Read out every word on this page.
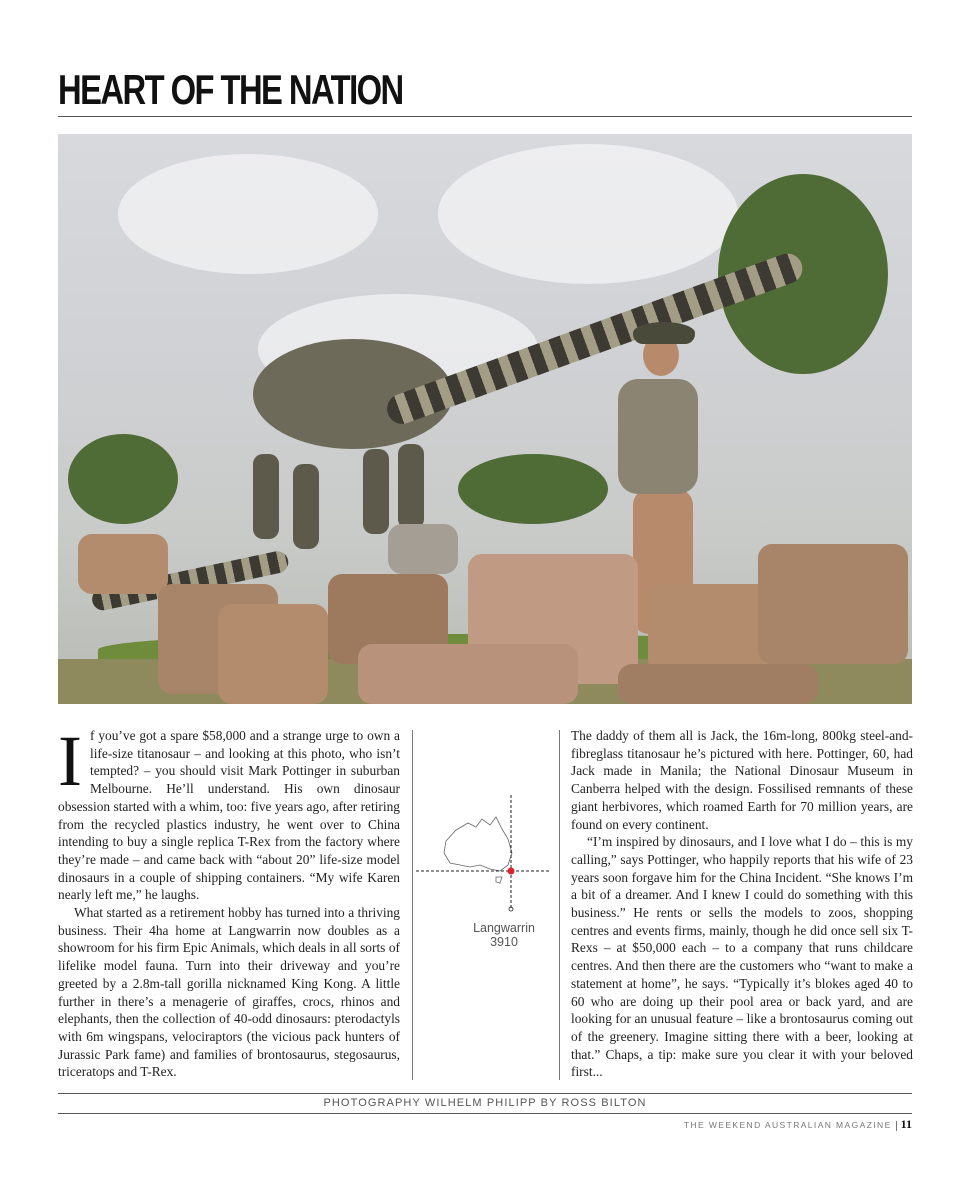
HEART OF THE NATION
I f you’ve got a spare $58,000 and a strange urge to own a life-size titanosaur – and looking at this photo, who isn’t tempted? – you should visit Mark Pottinger in suburban Melbourne. He’ll understand. His own dinosaur obsession started with a whim, too: five years ago, after retiring from the recycled plastics industry, he went over to China intending to buy a single replica T-Rex from the factory where they’re made – and came back with “about 20” life-size model dinosaurs in a couple of shipping containers. “My wife Karen nearly left me,” he laughs.

What started as a retirement hobby has turned into a thriving business. Their 4ha home at Langwarrin now doubles as a showroom for his firm Epic Animals, which deals in all sorts of lifelike model fauna. Turn into their driveway and you’re greeted by a 2.8m-tall gorilla nicknamed King Kong. A little further in there’s a menagerie of giraffes, crocs, rhinos and elephants, then the collection of 40-odd dinosaurs: pterodactyls with 6m wingspans, velociraptors (the vicious pack hunters of Jurassic Park fame) and families of brontosaurus, stegosaurus, triceratops and T-Rex.

Langwarrin
3910

The daddy of them all is Jack, the 16m-long, 800kg steel-and-fibreglass titanosaur he’s pictured with here. Pottinger, 60, had Jack made in Manila; the National Dinosaur Museum in Canberra helped with the design. Fossilised remnants of these giant herbivores, which roamed Earth for 70 million years, are found on every continent.

“I’m inspired by dinosaurs, and I love what I do – this is my calling,” says Pottinger, who happily reports that his wife of 23 years soon forgave him for the China Incident. “She knows I’m a bit of a dreamer. And I knew I could do something with this business.” He rents or sells the models to zoos, shopping centres and events firms, mainly, though he did once sell six T-Rexs – at $50,000 each – to a company that runs childcare centres. And then there are the customers who “want to make a statement at home”, he says. “Typically it’s blokes aged 40 to 60 who are doing up their pool area or back yard, and are looking for an unusual feature – like a brontosaurus coming out of the greenery. Imagine sitting there with a beer, looking at that.” Chaps, a tip: make sure you clear it with your beloved first...

PHOTOGRAPHY WILHELM PHILIPP BY ROSS BILTON
THE WEEKEND AUSTRALIAN MAGAZINE 11
